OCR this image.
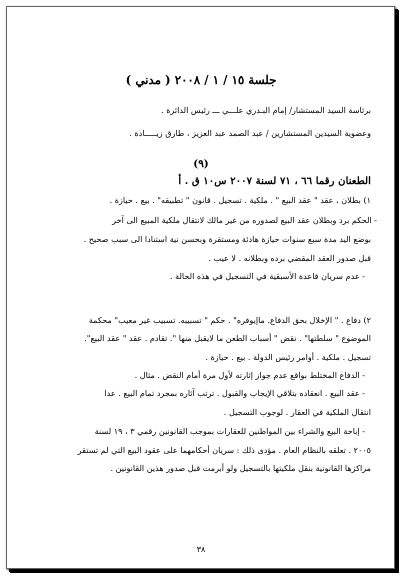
جلسة ١٥ / ١ / ٢٠٠٨ ( مدني )
برئاسة السيد المستشار/ إمام البـدري علـــي ـــ رئيس الدائرة .
وعضوية السيدين المستشارين / عبد الصمد عبد العزيز ، طارق زيـــــادة .
(٩)
الطعنان رقما ٦٦ ، ٧١ لسنة ٢٠٠٧ س١٠ ق . أ
١) بطلان ، عقد " عقد البيع " . ملكية . تسجيل . قانون " تطبيقه" . بيع . حيازة .
- الحكم برد وبطلان عقد البيع لصدوره من غير مالك لانتقال ملكية المبيع الى آخر
بوضع اليد مدة سبع سنوات حيازة هادئة ومستقرة وبحسن نية استنادا الى سبب صحيح .
قبل صدور العقد المقضي برده وبطلانه . لا عيب .
- عدم سريان قاعدة الأسبقية في التسجيل في هذه الحالة .
٢) دفاع . " الإخلال بحق الدفاع. ماإيوفره" . حكم " تسبيبه. تسبيب غير معيب" محكمة
الموضوع " سلطتها" . نقض " أسباب الطعن ما لايقبل منها ". تقادم . عقد " عقد البيع".
تسجيل . ملكية . أوامر رئيس الدولة . بيع . حيازة .
- الدفاع المختلط بواقع عدم جواز إثارته لأول مرة أمام النقض . مثال .
- عقد البيع . انعقاده بتلاقي الإيجاب والقبول . ترتب آثاره بمجرد تمام البيع . عدا
انتقال الملكية في العقار . لوجوب التسجيل .
- إباحة البيع والشراء بين المواطنين للعقارات بموجب القانونين رقمي ٣ ، ١٩ لسنة
٢٠٠٥ . تعلقه بالنظام العام . مؤدى ذلك : سريان أحكامهما على عقود البيع التي لم تستقر
مراكزها القانونية بنقل ملكيتها بالتسجيل ولو أبرمت قبل صدور هذين القانونين .
٣٨
